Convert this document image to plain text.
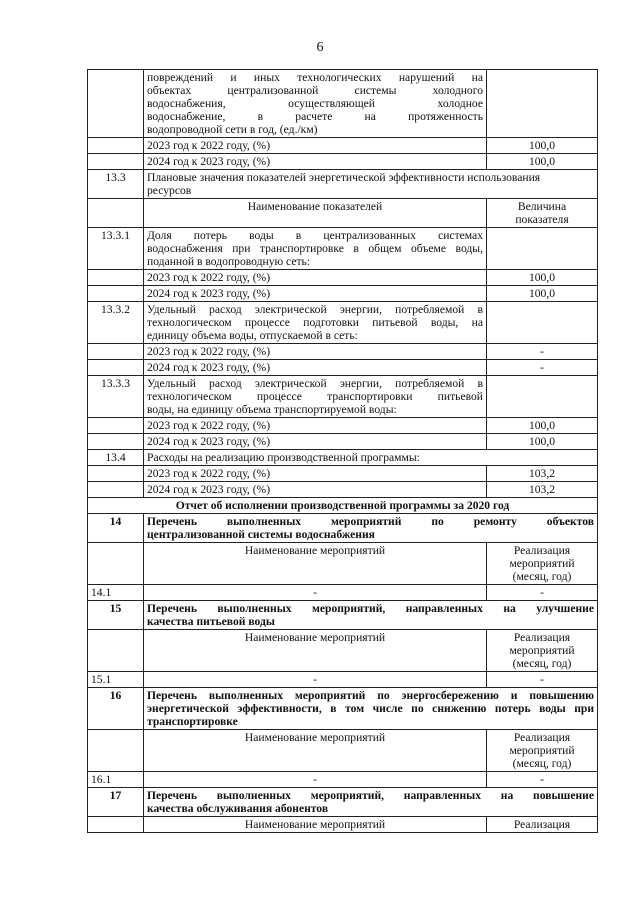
6

	повреждений и иных технологических нарушений на
объектах централизованной системы холодного
водоснабжения, осуществляющей холодное
водоснабжение, в расчете на протяженность
водопроводной сети в год, (ед./км)	

	2023 год к 2022 году, (%)	100,0
	2024 год к 2023 году, (%)	100,0
13.3	Плановые значения показателей энергетической эффективности использования
ресурсов	

	Наименование показателей	Величина
показателя

13.3.1	Доля потерь воды в централизованных системах
водоснабжения при транспортировке в общем объеме воды,
поданной в водопроводную сеть:	

	2023 год к 2022 году, (%)	100,0
	2024 год к 2023 году, (%)	100,0
13.3.2	Удельный расход электрической энергии, потребляемой в
технологическом процессе подготовки питьевой воды, на
единицу объема воды, отпускаемой в сеть:	

	2023 год к 2022 году, (%)	-
	2024 год к 2023 году, (%)	-
13.3.3	Удельный расход электрической энергии, потребляемой в
технологическом процессе транспортировки питьевой
воды, на единицу объема транспортируемой воды:	

	2023 год к 2022 году, (%)	100,0
	2024 год к 2023 году, (%)	100,0
13.4	Расходы на реализацию производственной программы:	
	2023 год к 2022 году, (%)	103,2
	2024 год к 2023 году, (%)	103,2
Отчет об исполнении производственной программы за 2020 год		
14	Перечень выполненных мероприятий по ремонту объектов
централизованной системы водоснабжения	

	Наименование мероприятий	Реализация
мероприятий
(месяц, год)

14.1	-	-
15	Перечень выполненных мероприятий, направленных на улучшение
качества питьевой воды	

	Наименование мероприятий	Реализация
мероприятий
(месяц, год)

15.1	-	-
16	Перечень выполненных мероприятий по энергосбережению и повышению
энергетической эффективности, в том числе по снижению потерь воды при
транспортировке	

	Наименование мероприятий	Реализация
мероприятий
(месяц, год)

16.1	-	-
17	Перечень выполненных мероприятий, направленных на повышение
качества обслуживания абонентов	

	Наименование мероприятий	Реализация
